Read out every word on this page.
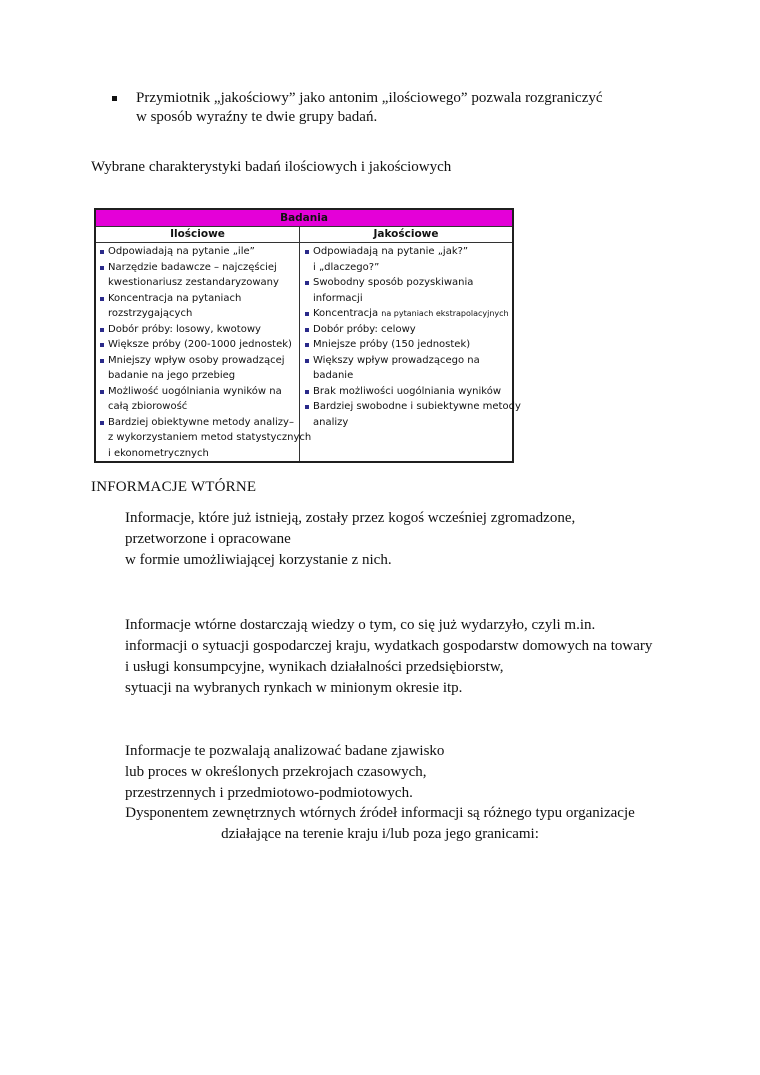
Przymiotnik „jakościowy” jako antonim „ilościowego” pozwala rozgraniczyć
w sposób wyraźny te dwie grupy badań.
Wybrane charakterystyki badań ilościowych i jakościowych
Badania
Ilościowe	Jakościowe
Odpowiadają na pytanie „ile”
Narzędzie badawcze – najczęściej
kwestionariusz zestandaryzowany
Koncentracja na pytaniach
rozstrzygających
Dobór próby: losowy, kwotowy
Większe próby (200-1000 jednostek)
Mniejszy wpływ osoby prowadzącej
badanie na jego przebieg
Możliwość uogólniania wyników na
całą zbiorowość
Bardziej obiektywne metody analizy–
z wykorzystaniem metod statystycznych
i ekonometrycznych
Odpowiadają na pytanie „jak?”
i „dlaczego?”
Swobodny sposób pozyskiwania
informacji
Koncentracja na pytaniach ekstrapolacyjnych
Dobór próby: celowy
Mniejsze próby (150 jednostek)
Większy wpływ prowadzącego na
badanie
Brak możliwości uogólniania wyników
Bardziej swobodne i subiektywne metody
analizy
INFORMACJE WTÓRNE
Informacje, które już istnieją, zostały przez kogoś wcześniej zgromadzone,
przetworzone i opracowane
w formie umożliwiającej korzystanie z nich.
Informacje wtórne dostarczają wiedzy o tym, co się już wydarzyło, czyli m.in.
informacji o sytuacji gospodarczej kraju, wydatkach gospodarstw domowych na towary
i usługi konsumpcyjne, wynikach działalności przedsiębiorstw,
sytuacji na wybranych rynkach w minionym okresie itp.
Informacje te pozwalają analizować badane zjawisko
lub proces w określonych przekrojach czasowych,
przestrzennych i przedmiotowo-podmiotowych.
Dysponentem zewnętrznych wtórnych źródeł informacji są różnego typu organizacje
działające na terenie kraju i/lub poza jego granicami:
